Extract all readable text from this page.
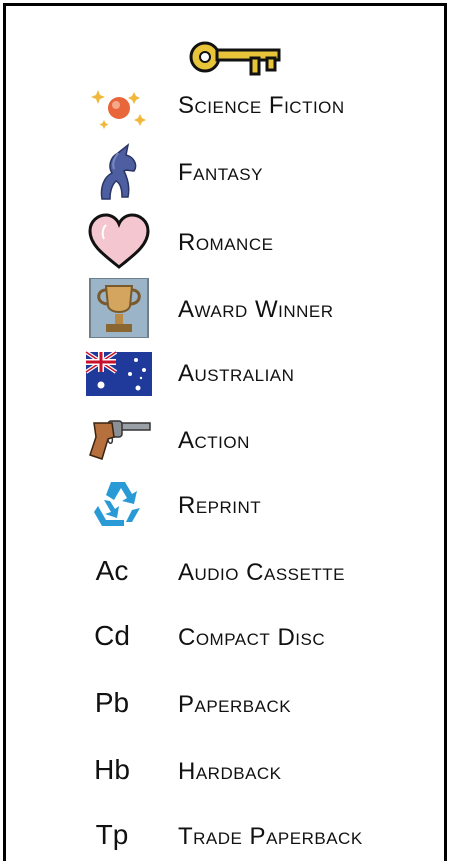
Science Fiction
Fantasy
Romance
Award Winner
Australian
Action
Reprint
Ac	Audio Cassette
Cd	Compact Disc
Pb	Paperback
Hb	Hardback
Tp	Trade Paperback
